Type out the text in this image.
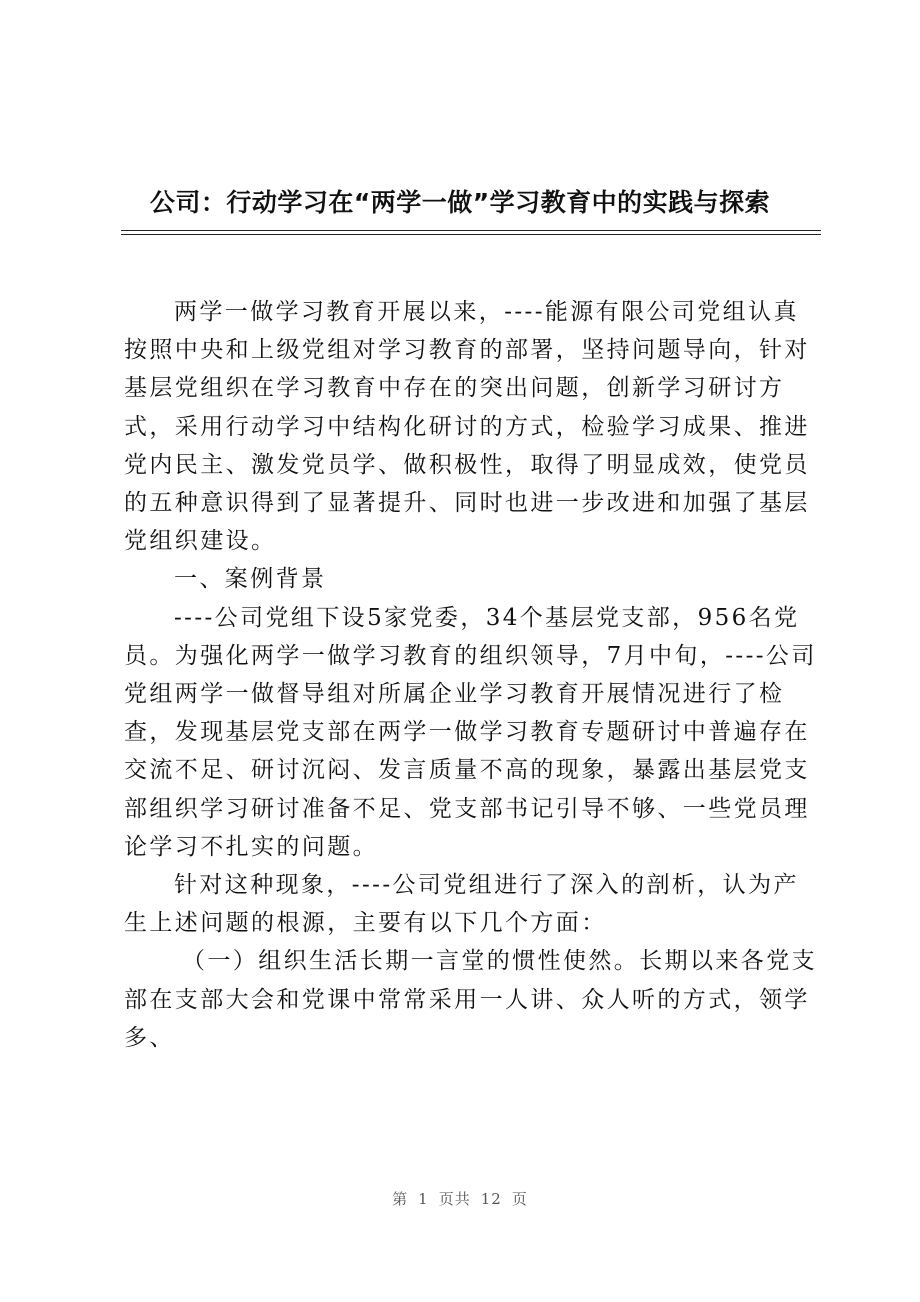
公司：行动学习在“两学一做”学习教育中的实践与探索

两学一做学习教育开展以来，----能源有限公司党组认真按照中央和上级党组对学习教育的部署，坚持问题导向，针对基层党组织在学习教育中存在的突出问题，创新学习研讨方式，采用行动学习中结构化研讨的方式，检验学习成果、推进党内民主、激发党员学、做积极性，取得了明显成效，使党员的五种意识得到了显著提升、同时也进一步改进和加强了基层党组织建设。

一、案例背景

----公司党组下设5家党委，34个基层党支部，956名党员。为强化两学一做学习教育的组织领导，7月中旬，----公司党组两学一做督导组对所属企业学习教育开展情况进行了检查，发现基层党支部在两学一做学习教育专题研讨中普遍存在交流不足、研讨沉闷、发言质量不高的现象，暴露出基层党支部组织学习研讨准备不足、党支部书记引导不够、一些党员理论学习不扎实的问题。

针对这种现象，----公司党组进行了深入的剖析，认为产生上述问题的根源，主要有以下几个方面：

（一）组织生活长期一言堂的惯性使然。长期以来各党支部在支部大会和党课中常常采用一人讲、众人听的方式，领学多、

第 1 页共 12 页
